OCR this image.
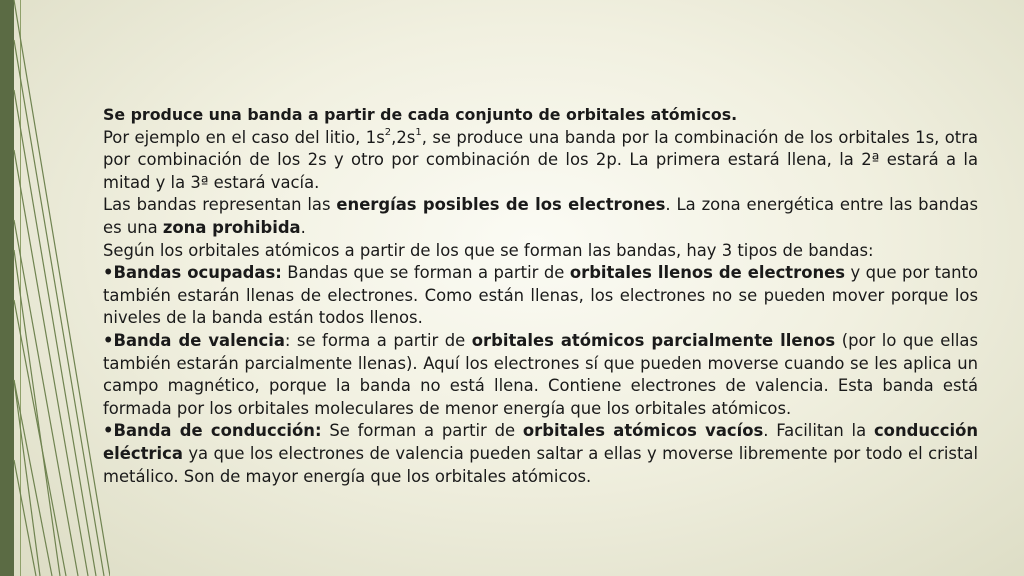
Se produce una banda a partir de cada conjunto de orbitales atómicos.

Por ejemplo en el caso del litio, $1s^2,2s^1$, se produce una banda por la combinación de los orbitales 1s, otra por combinación de los 2s y otro por combinación de los 2p. La primera estará llena, la 2ª estará a la mitad y la 3ª estará vacía.

Las bandas representan las energías posibles de los electrones. La zona energética entre las bandas es una zona prohibida.

Según los orbitales atómicos a partir de los que se forman las bandas, hay 3 tipos de bandas:

•Bandas ocupadas: Bandas que se forman a partir de orbitales llenos de electrones y que por tanto también estarán llenas de electrones. Como están llenas, los electrones no se pueden mover porque los niveles de la banda están todos llenos.

•Banda de valencia: se forma a partir de orbitales atómicos parcialmente llenos (por lo que ellas también estarán parcialmente llenas). Aquí los electrones sí que pueden moverse cuando se les aplica un campo magnético, porque la banda no está llena. Contiene electrones de valencia. Esta banda está formada por los orbitales moleculares de menor energía que los orbitales atómicos.

•Banda de conducción: Se forman a partir de orbitales atómicos vacíos. Facilitan la conducción eléctrica ya que los electrones de valencia pueden saltar a ellas y moverse libremente por todo el cristal metálico. Son de mayor energía que los orbitales atómicos.
